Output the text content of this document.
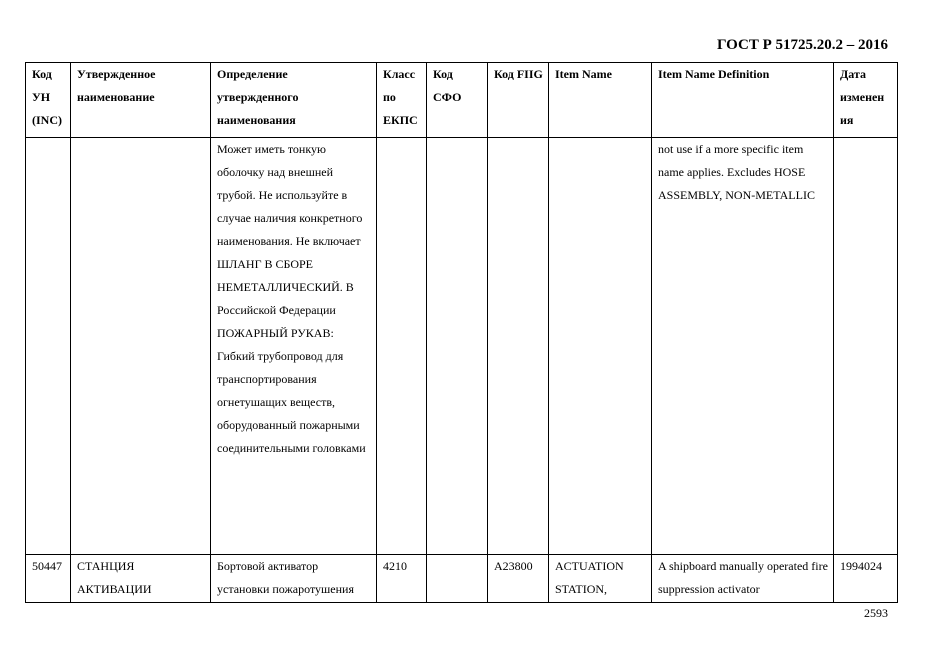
ГОСТ Р 51725.20.2 – 2016
Код УН (INC)	Утвержденное наименование	Определение утвержденного наименования	Класс по ЕКПС	Код СФО	Код FIIG	Item Name	Item Name Definition	Дата изменен ия

		Может иметь тонкую оболочку над внешней трубой. Не используйте в случае наличия конкретного наименования. Не включает ШЛАНГ В СБОРЕ НЕМЕТАЛЛИЧЕСКИЙ. В Российской Федерации ПОЖАРНЫЙ РУКАВ: Гибкий трубопровод для транспортирования огнетушащих веществ, оборудованный пожарными соединительными головками					not use if a more specific item name applies. Excludes HOSE ASSEMBLY, NON-METALLIC	

50447	СТАНЦИЯ АКТИВАЦИИ	Бортовой активатор установки пожаротушения	4210		A23800	ACTUATION STATION,	A shipboard manually operated fire suppression activator	1994024
2593
